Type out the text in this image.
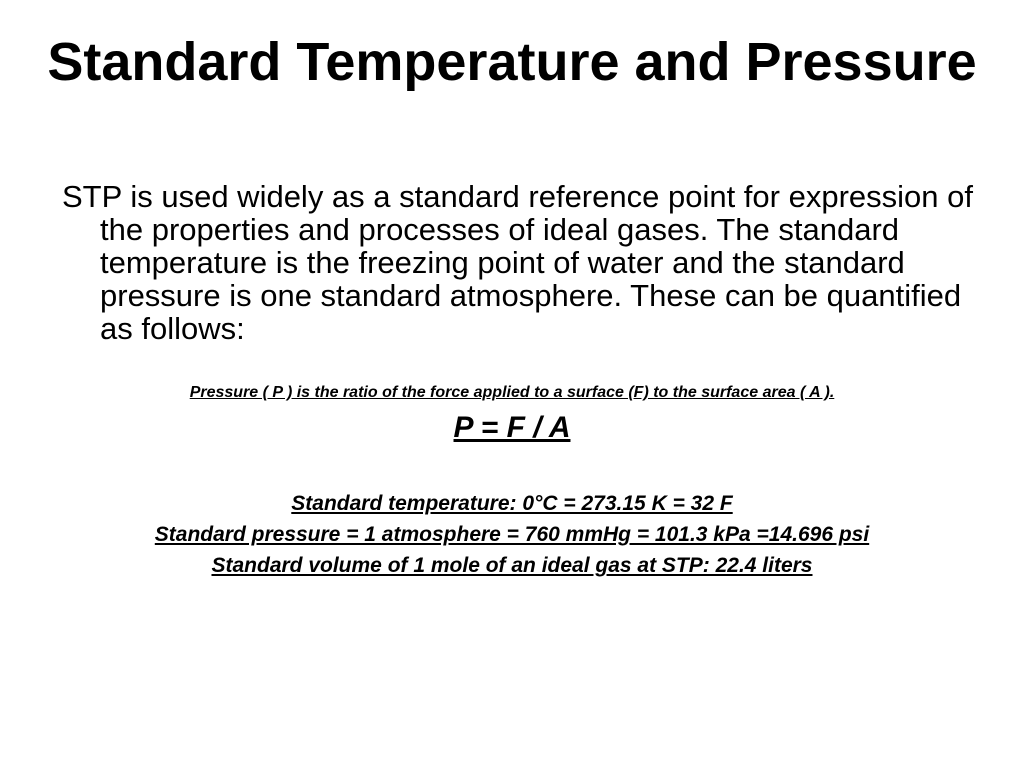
Standard Temperature and Pressure

STP is used widely as a standard reference point for expression of the properties and processes of ideal gases. The standard temperature is the freezing point of water and the standard pressure is one standard atmosphere. These can be quantified as follows:

Pressure ( P ) is the ratio of the force applied to a surface (F) to the surface area ( A ).

P = F / A

Standard temperature: 0°C = 273.15 K = 32 F
Standard pressure = 1 atmosphere = 760 mmHg = 101.3 kPa =14.696 psi
Standard volume of 1 mole of an ideal gas at STP: 22.4 liters
